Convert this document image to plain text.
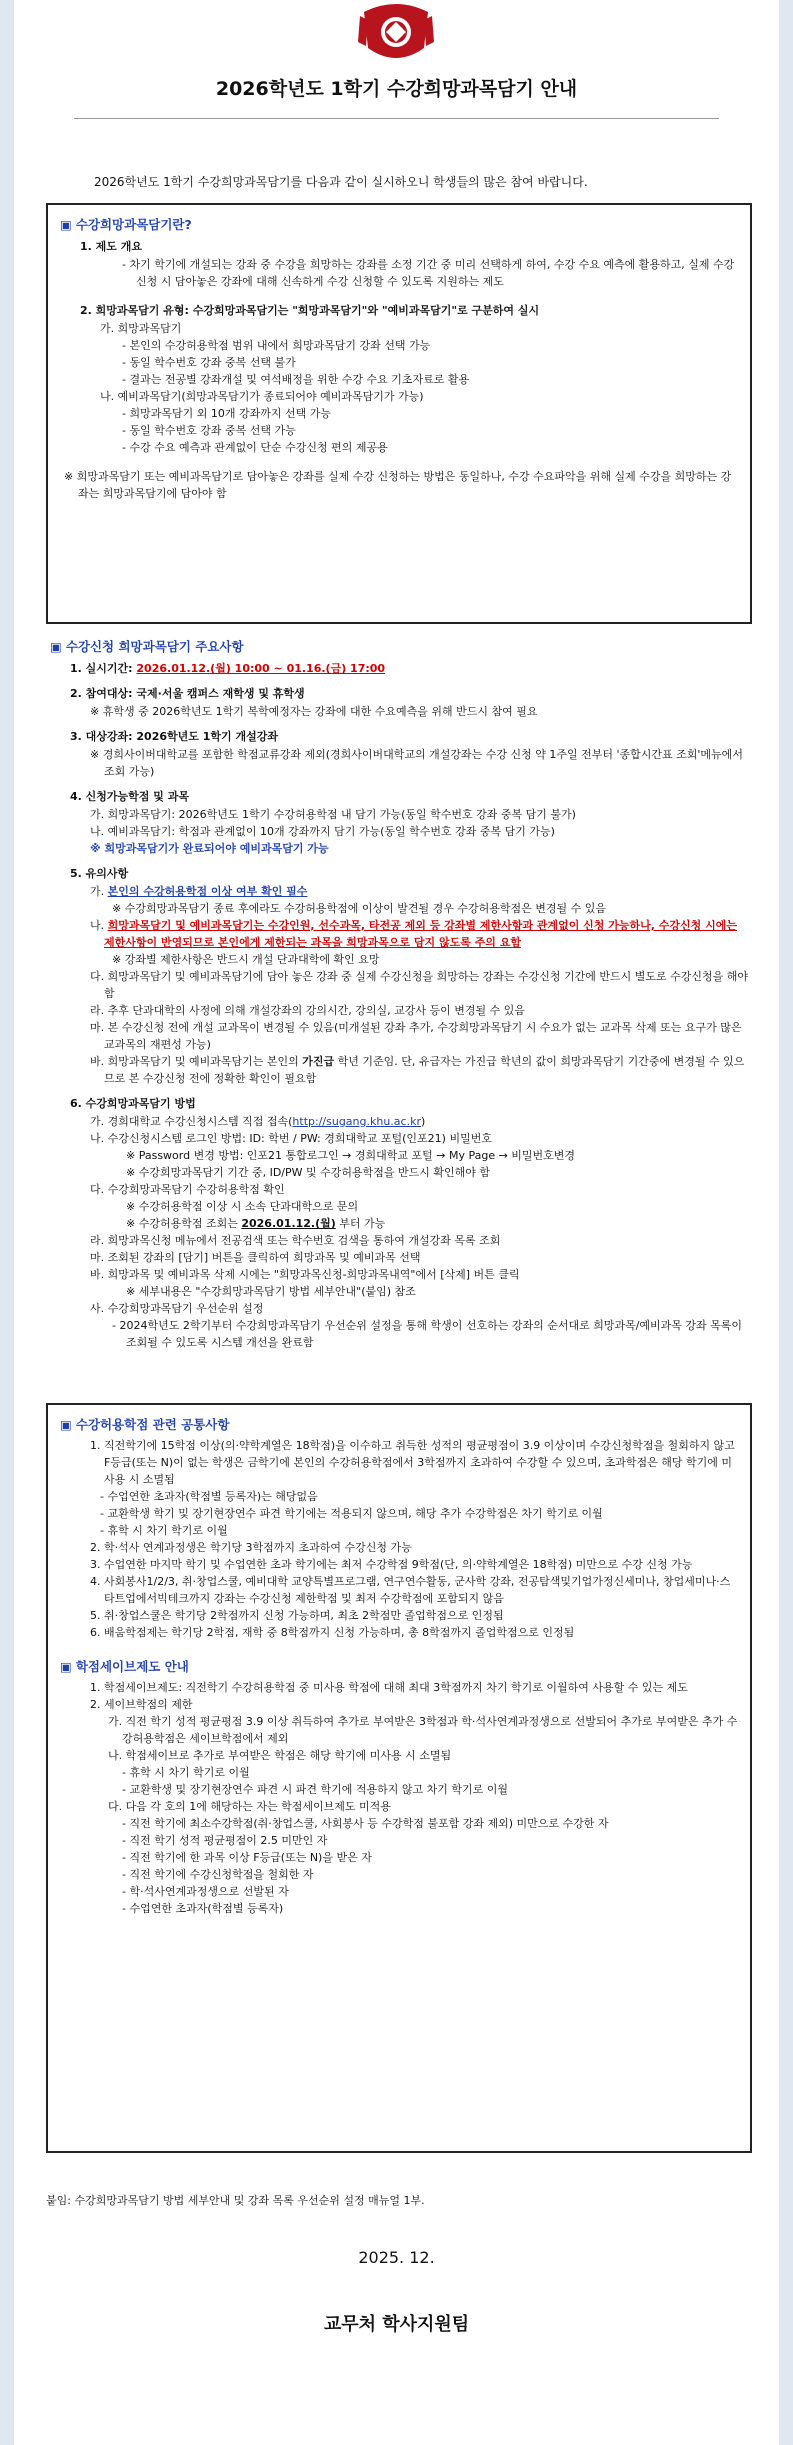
2026학년도 1학기 수강희망과목담기 안내
2026학년도 1학기 수강희망과목담기를 다음과 같이 실시하오니 학생들의 많은 참여 바랍니다.
▣ 수강희망과목담기란?
1. 제도 개요
- 차기 학기에 개설되는 강좌 중 수강을 희망하는 강좌를 소정 기간 중 미리 선택하게 하여, 수강 수요 예측에 활용하고, 실제 수강신청 시 담아놓은 강좌에 대해 신속하게 수강 신청할 수 있도록 지원하는 제도
2. 희망과목담기 유형: 수강희망과목담기는 "희망과목담기"와 "예비과목담기"로 구분하여 실시
가. 희망과목담기
- 본인의 수강허용학점 범위 내에서 희망과목담기 강좌 선택 가능
- 동일 학수번호 강좌 중복 선택 불가
- 결과는 전공별 강좌개설 및 여석배정을 위한 수강 수요 기초자료로 활용
나. 예비과목담기(희망과목담기가 종료되어야 예비과목담기가 가능)
- 희망과목담기 외 10개 강좌까지 선택 가능
- 동일 학수번호 강좌 중복 선택 가능
- 수강 수요 예측과 관계없이 단순 수강신청 편의 제공용
※ 희망과목담기 또는 예비과목담기로 담아놓은 강좌를 실제 수강 신청하는 방법은 동일하나, 수강 수요파악을 위해 실제 수강을 희망하는 강좌는 희망과목담기에 담아야 함
▣ 수강신청 희망과목담기 주요사항
1. 실시기간: 2026.01.12.(월) 10:00 ~ 01.16.(금) 17:00
2. 참여대상: 국제·서울 캠퍼스 재학생 및 휴학생
※ 휴학생 중 2026학년도 1학기 복학예정자는 강좌에 대한 수요예측을 위해 반드시 참여 필요
3. 대상강좌: 2026학년도 1학기 개설강좌
※ 경희사이버대학교를 포함한 학점교류강좌 제외(경희사이버대학교의 개설강좌는 수강 신청 약 1주일 전부터 '종합시간표 조회'메뉴에서 조회 가능)
4. 신청가능학점 및 과목
가. 희망과목담기: 2026학년도 1학기 수강허용학점 내 담기 가능(동일 학수번호 강좌 중복 담기 불가)
나. 예비과목담기: 학점과 관계없이 10개 강좌까지 담기 가능(동일 학수번호 강좌 중복 담기 가능)
※ 희망과목담기가 완료되어야 예비과목담기 가능
5. 유의사항
가. 본인의 수강허용학점 이상 여부 확인 필수
※ 수강희망과목담기 종료 후에라도 수강허용학점에 이상이 발견될 경우 수강허용학점은 변경될 수 있음
나. 희망과목담기 및 예비과목담기는 수강인원, 선수과목, 타전공 제외 등 강좌별 제한사항과 관계없이 신청 가능하나, 수강신청 시에는 제한사항이 반영되므로 본인에게 제한되는 과목을 희망과목으로 담지 않도록 주의 요함
※ 강좌별 제한사항은 반드시 개설 단과대학에 확인 요망
다. 희망과목담기 및 예비과목담기에 담아 놓은 강좌 중 실제 수강신청을 희망하는 강좌는 수강신청 기간에 반드시 별도로 수강신청을 해야 함
라. 추후 단과대학의 사정에 의해 개설강좌의 강의시간, 강의실, 교강사 등이 변경될 수 있음
마. 본 수강신청 전에 개설 교과목이 변경될 수 있음(미개설된 강좌 추가, 수강희망과목담기 시 수요가 없는 교과목 삭제 또는 요구가 많은 교과목의 재편성 가능)
바. 희망과목담기 및 예비과목담기는 본인의 가진급 학년 기준임. 단, 유급자는 가진급 학년의 값이 희망과목담기 기간중에 변경될 수 있으므로 본 수강신청 전에 정확한 확인이 필요함
6. 수강희망과목담기 방법
가. 경희대학교 수강신청시스템 직접 접속(http://sugang.khu.ac.kr)
나. 수강신청시스템 로그인 방법: ID: 학번 / PW: 경희대학교 포털(인포21) 비밀번호
※ Password 변경 방법: 인포21 통합로그인 → 경희대학교 포털 → My Page → 비밀번호변경
※ 수강희망과목담기 기간 중, ID/PW 및 수강허용학점을 반드시 확인해야 함
다. 수강희망과목담기 수강허용학점 확인
※ 수강허용학점 이상 시 소속 단과대학으로 문의
※ 수강허용학점 조회는 2026.01.12.(월) 부터 가능
라. 희망과목신청 메뉴에서 전공검색 또는 학수번호 검색을 통하여 개설강좌 목록 조회
마. 조회된 강좌의 [담기] 버튼을 클릭하여 희망과목 및 예비과목 선택
바. 희망과목 및 예비과목 삭제 시에는 "희망과목신청-희망과목내역"에서 [삭제] 버튼 클릭
※ 세부내용은 "수강희망과목담기 방법 세부안내"(붙임) 참조
사. 수강희망과목담기 우선순위 설정
- 2024학년도 2학기부터 수강희망과목담기 우선순위 설정을 통해 학생이 선호하는 강좌의 순서대로 희망과목/예비과목 강좌 목록이 조회될 수 있도록 시스템 개선을 완료함
▣ 수강허용학점 관련 공통사항
1. 직전학기에 15학점 이상(의·약학계열은 18학점)을 이수하고 취득한 성적의 평균평점이 3.9 이상이며 수강신청학점을 철회하지 않고 F등급(또는 N)이 없는 학생은 금학기에 본인의 수강허용학점에서 3학점까지 초과하여 수강할 수 있으며, 초과학점은 해당 학기에 미사용 시 소멸됨
- 수업연한 초과자(학점별 등록자)는 해당없음
- 교환학생 학기 및 장기현장연수 파견 학기에는 적용되지 않으며, 해당 추가 수강학점은 차기 학기로 이월
- 휴학 시 차기 학기로 이월
2. 학·석사 연계과정생은 학기당 3학점까지 초과하여 수강신청 가능
3. 수업연한 마지막 학기 및 수업연한 초과 학기에는 최저 수강학점 9학점(단, 의·약학계열은 18학점) 미만으로 수강 신청 가능
4. 사회봉사1/2/3, 취·창업스쿨, 예비대학 교양특별프로그램, 연구연수활동, 군사학 강좌, 전공탐색및기업가정신세미나, 창업세미나·스타트업에서빅테크까지 강좌는 수강신청 제한학점 및 최저 수강학점에 포함되지 않음
5. 취·창업스쿨은 학기당 2학점까지 신청 가능하며, 최초 2학점만 졸업학점으로 인정됨
6. 배움학점제는 학기당 2학점, 재학 중 8학점까지 신청 가능하며, 총 8학점까지 졸업학점으로 인정됨
▣ 학점세이브제도 안내
1. 학점세이브제도: 직전학기 수강허용학점 중 미사용 학점에 대해 최대 3학점까지 차기 학기로 이월하여 사용할 수 있는 제도
2. 세이브학점의 제한
가. 직전 학기 성적 평균평점 3.9 이상 취득하여 추가로 부여받은 3학점과 학·석사연계과정생으로 선발되어 추가로 부여받은 추가 수강허용학점은 세이브학점에서 제외
나. 학점세이브로 추가로 부여받은 학점은 해당 학기에 미사용 시 소멸됨
- 휴학 시 차기 학기로 이월
- 교환학생 및 장기현장연수 파견 시 파견 학기에 적용하지 않고 차기 학기로 이월
다. 다음 각 호의 1에 해당하는 자는 학점세이브제도 미적용
- 직전 학기에 최소수강학점(취·창업스쿨, 사회봉사 등 수강학점 불포함 강좌 제외) 미만으로 수강한 자
- 직전 학기 성적 평균평점이 2.5 미만인 자
- 직전 학기에 한 과목 이상 F등급(또는 N)을 받은 자
- 직전 학기에 수강신청학점을 철회한 자
- 학·석사연계과정생으로 선발된 자
- 수업연한 초과자(학점별 등록자)
붙임: 수강희망과목담기 방법 세부안내 및 강좌 목록 우선순위 설정 매뉴얼 1부.
2025. 12.
교무처 학사지원팀
